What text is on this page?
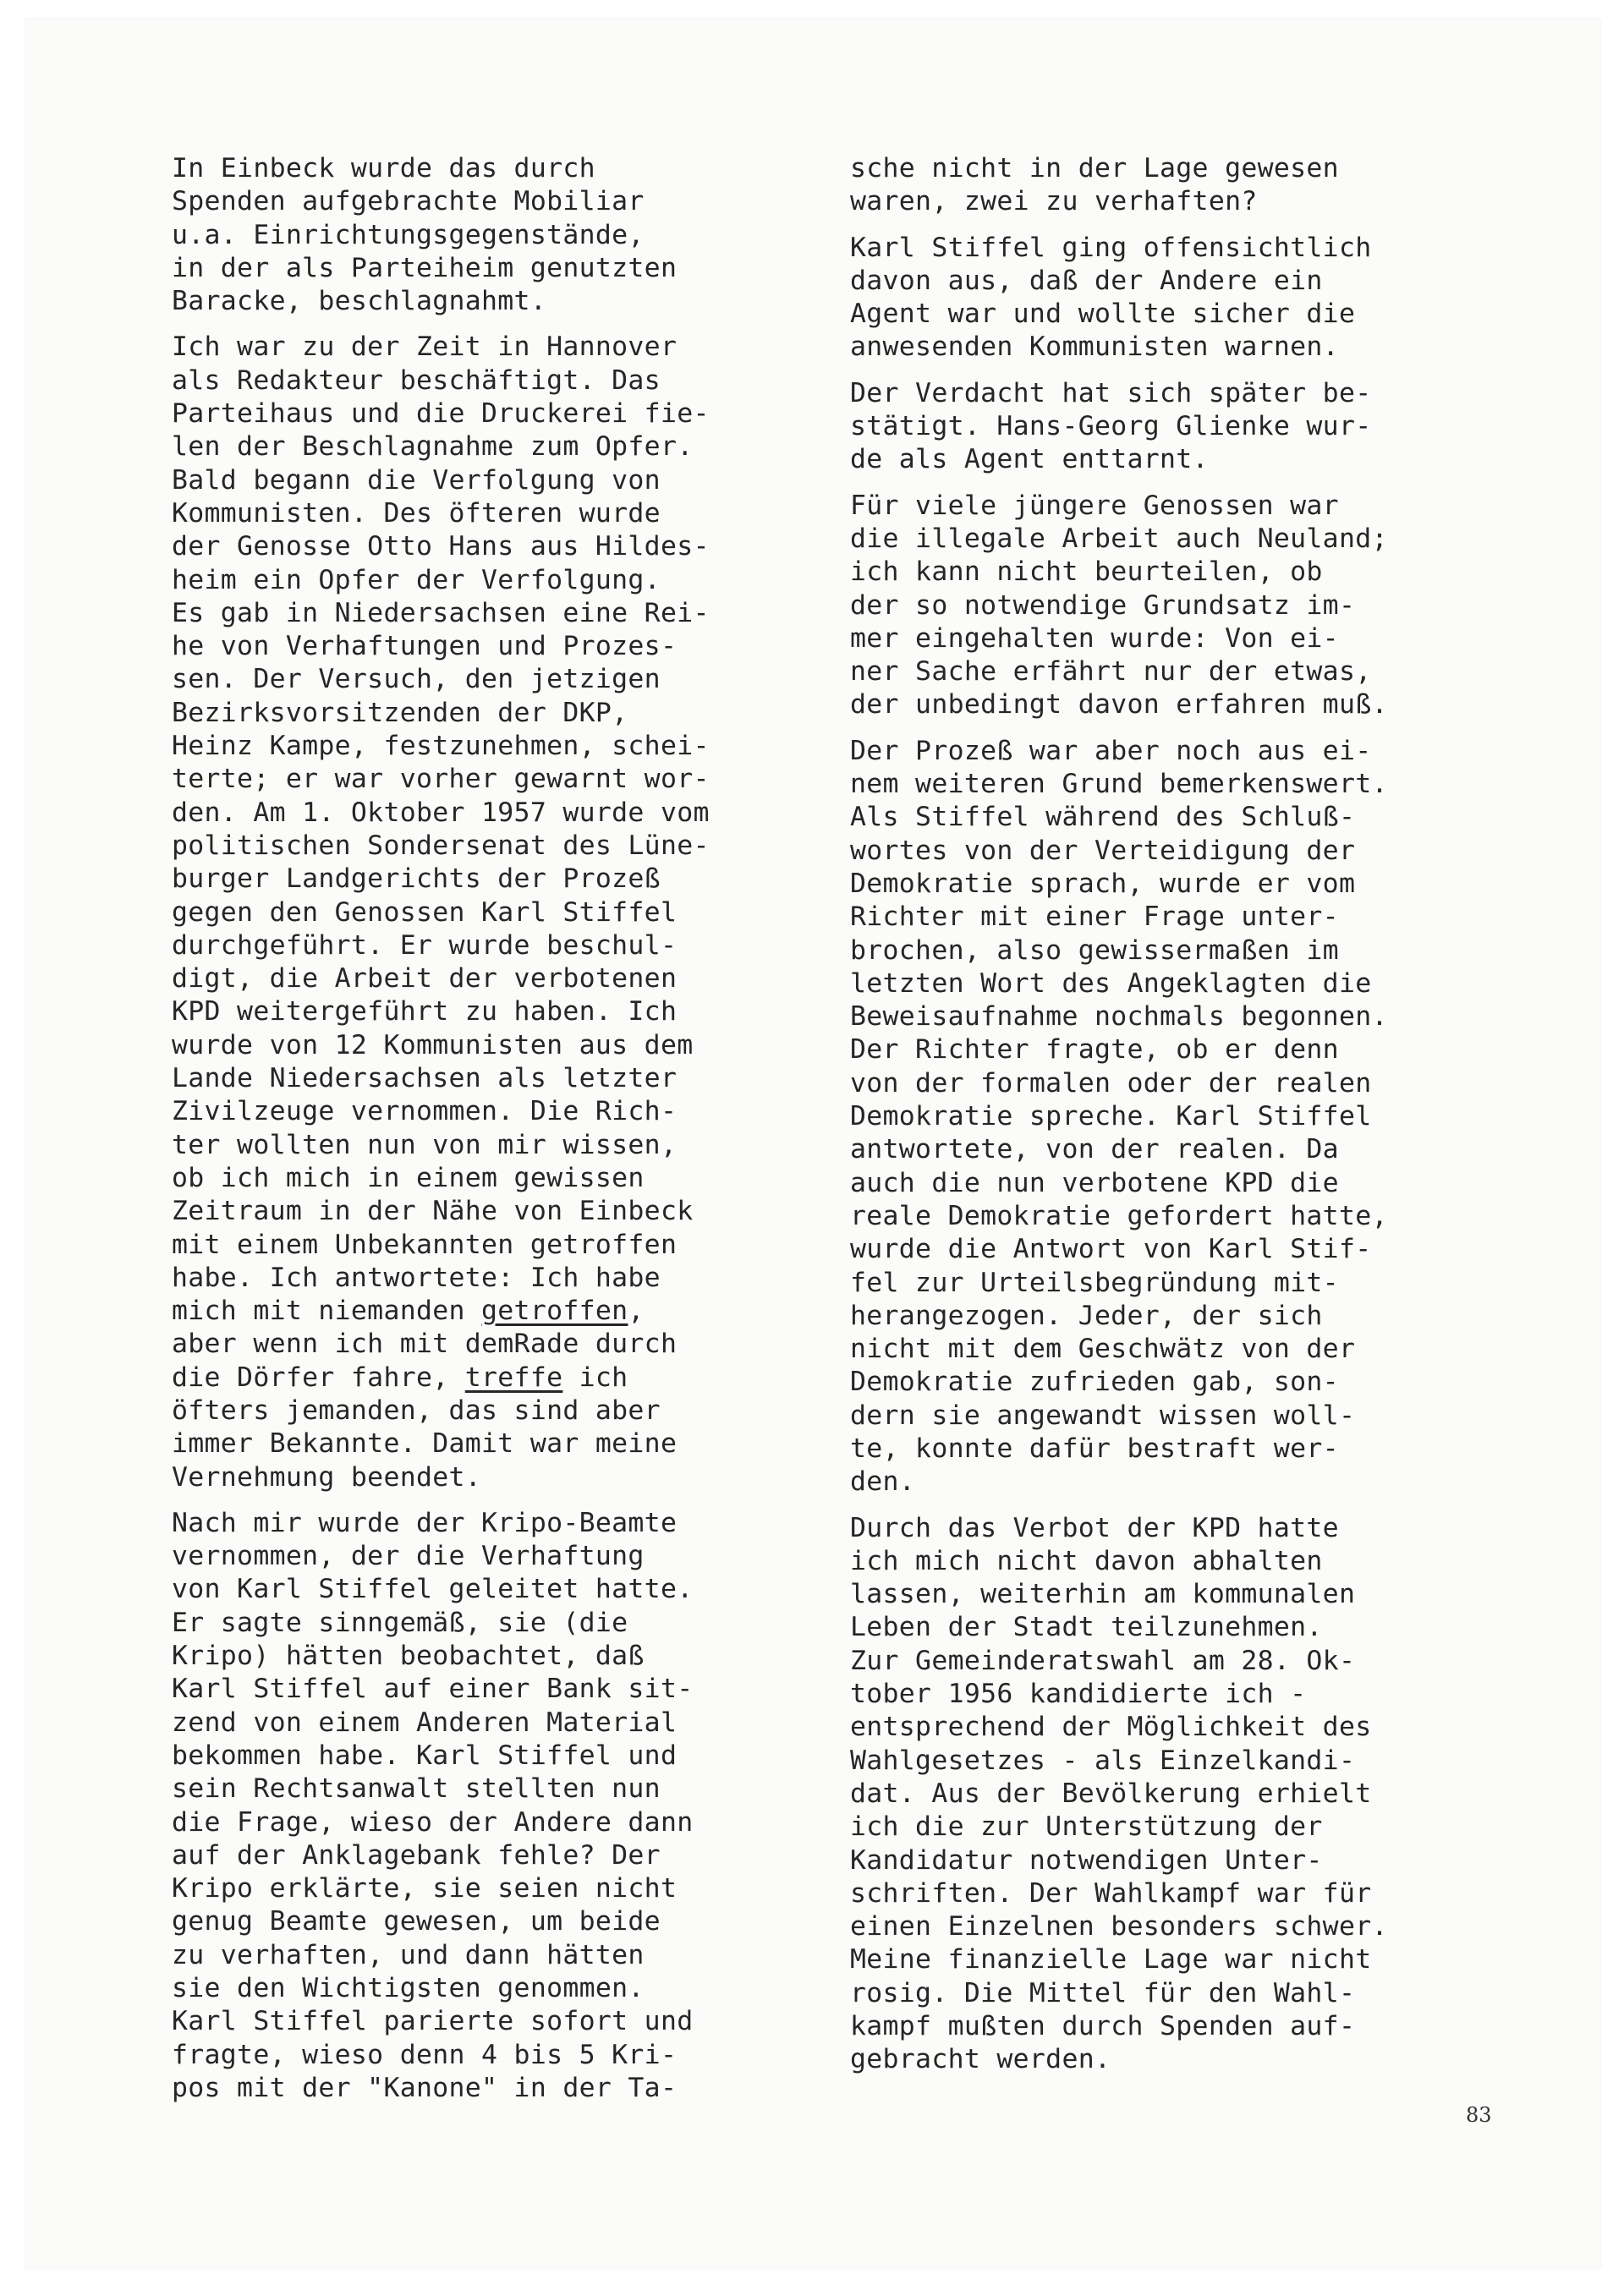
In Einbeck wurde das durch
Spenden aufgebrachte Mobiliar
u.a. Einrichtungsgegenstände,
in der als Parteiheim genutzten
Baracke, beschlagnahmt.
Ich war zu der Zeit in Hannover
als Redakteur beschäftigt. Das
Parteihaus und die Druckerei fie-
len der Beschlagnahme zum Opfer.
Bald begann die Verfolgung von
Kommunisten. Des öfteren wurde
der Genosse Otto Hans aus Hildes-
heim ein Opfer der Verfolgung.
Es gab in Niedersachsen eine Rei-
he von Verhaftungen und Prozes-
sen. Der Versuch, den jetzigen
Bezirksvorsitzenden der DKP,
Heinz Kampe, festzunehmen, schei-
terte; er war vorher gewarnt wor-
den. Am 1. Oktober 1957 wurde vom
politischen Sondersenat des Lüne-
burger Landgerichts der Prozeß
gegen den Genossen Karl Stiffel
durchgeführt. Er wurde beschul-
digt, die Arbeit der verbotenen
KPD weitergeführt zu haben. Ich
wurde von 12 Kommunisten aus dem
Lande Niedersachsen als letzter
Zivilzeuge vernommen. Die Rich-
ter wollten nun von mir wissen,
ob ich mich in einem gewissen
Zeitraum in der Nähe von Einbeck
mit einem Unbekannten getroffen
habe. Ich antwortete: Ich habe
mich mit niemanden getroffen,
aber wenn ich mit demRade durch
die Dörfer fahre, treffe ich
öfters jemanden, das sind aber
immer Bekannte. Damit war meine
Vernehmung beendet.
Nach mir wurde der Kripo-Beamte
vernommen, der die Verhaftung
von Karl Stiffel geleitet hatte.
Er sagte sinngemäß, sie (die
Kripo) hätten beobachtet, daß
Karl Stiffel auf einer Bank sit-
zend von einem Anderen Material
bekommen habe. Karl Stiffel und
sein Rechtsanwalt stellten nun
die Frage, wieso der Andere dann
auf der Anklagebank fehle? Der
Kripo erklärte, sie seien nicht
genug Beamte gewesen, um beide
zu verhaften, und dann hätten
sie den Wichtigsten genommen.
Karl Stiffel parierte sofort und
fragte, wieso denn 4 bis 5 Kri-
pos mit der "Kanone" in der Ta-
sche nicht in der Lage gewesen
waren, zwei zu verhaften?
Karl Stiffel ging offensichtlich
davon aus, daß der Andere ein
Agent war und wollte sicher die
anwesenden Kommunisten warnen.
Der Verdacht hat sich später be-
stätigt. Hans-Georg Glienke wur-
de als Agent enttarnt.
Für viele jüngere Genossen war
die illegale Arbeit auch Neuland;
ich kann nicht beurteilen, ob
der so notwendige Grundsatz im-
mer eingehalten wurde: Von ei-
ner Sache erfährt nur der etwas,
der unbedingt davon erfahren muß.
Der Prozeß war aber noch aus ei-
nem weiteren Grund bemerkenswert.
Als Stiffel während des Schluß-
wortes von der Verteidigung der
Demokratie sprach, wurde er vom
Richter mit einer Frage unter-
brochen, also gewissermaßen im
letzten Wort des Angeklagten die
Beweisaufnahme nochmals begonnen.
Der Richter fragte, ob er denn
von der formalen oder der realen
Demokratie spreche. Karl Stiffel
antwortete, von der realen. Da
auch die nun verbotene KPD die
reale Demokratie gefordert hatte,
wurde die Antwort von Karl Stif-
fel zur Urteilsbegründung mit-
herangezogen. Jeder, der sich
nicht mit dem Geschwätz von der
Demokratie zufrieden gab, son-
dern sie angewandt wissen woll-
te, konnte dafür bestraft wer-
den.
Durch das Verbot der KPD hatte
ich mich nicht davon abhalten
lassen, weiterhin am kommunalen
Leben der Stadt teilzunehmen.
Zur Gemeinderatswahl am 28. Ok-
tober 1956 kandidierte ich -
entsprechend der Möglichkeit des
Wahlgesetzes - als Einzelkandi-
dat. Aus der Bevölkerung erhielt
ich die zur Unterstützung der
Kandidatur notwendigen Unter-
schriften. Der Wahlkampf war für
einen Einzelnen besonders schwer.
Meine finanzielle Lage war nicht
rosig. Die Mittel für den Wahl-
kampf mußten durch Spenden auf-
gebracht werden.
83
